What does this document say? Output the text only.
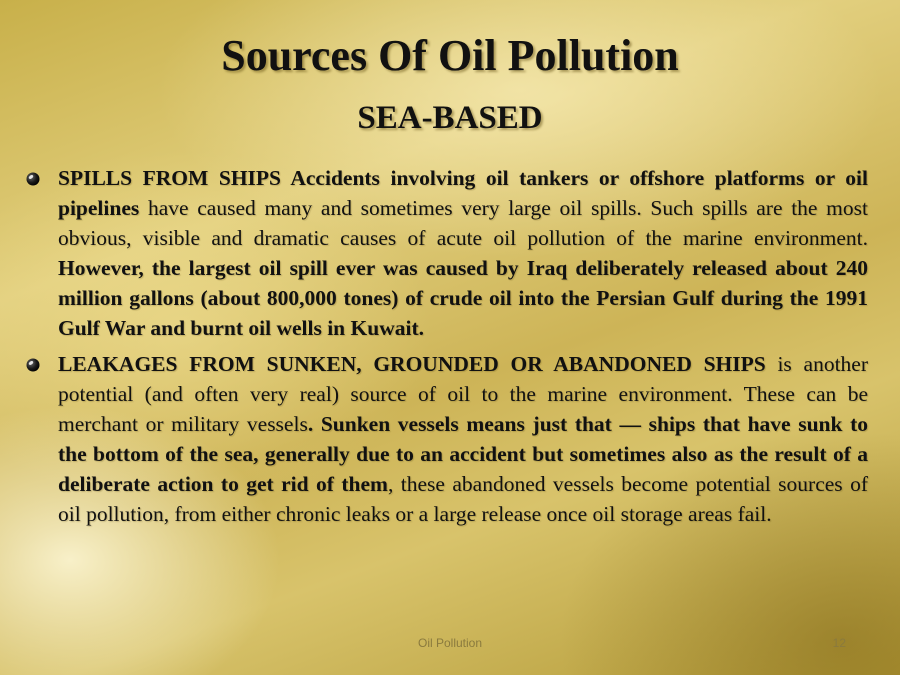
Sources Of Oil Pollution
SEA-BASED
SPILLS FROM SHIPS Accidents involving oil tankers or offshore platforms or oil pipelines have caused many and sometimes very large oil spills. Such spills are the most obvious, visible and dramatic causes of acute oil pollution of the marine environment. However, the largest oil spill ever was caused by Iraq deliberately released about 240 million gallons (about 800,000 tones) of crude oil into the Persian Gulf during the 1991 Gulf War and burnt oil wells in Kuwait.
LEAKAGES FROM SUNKEN, GROUNDED OR ABANDONED SHIPS is another potential (and often very real) source of oil to the marine environment. These can be merchant or military vessels. Sunken vessels means just that — ships that have sunk to the bottom of the sea, generally due to an accident but sometimes also as the result of a deliberate action to get rid of them, these abandoned vessels become potential sources of oil pollution, from either chronic leaks or a large release once oil storage areas fail.
Oil Pollution	12
